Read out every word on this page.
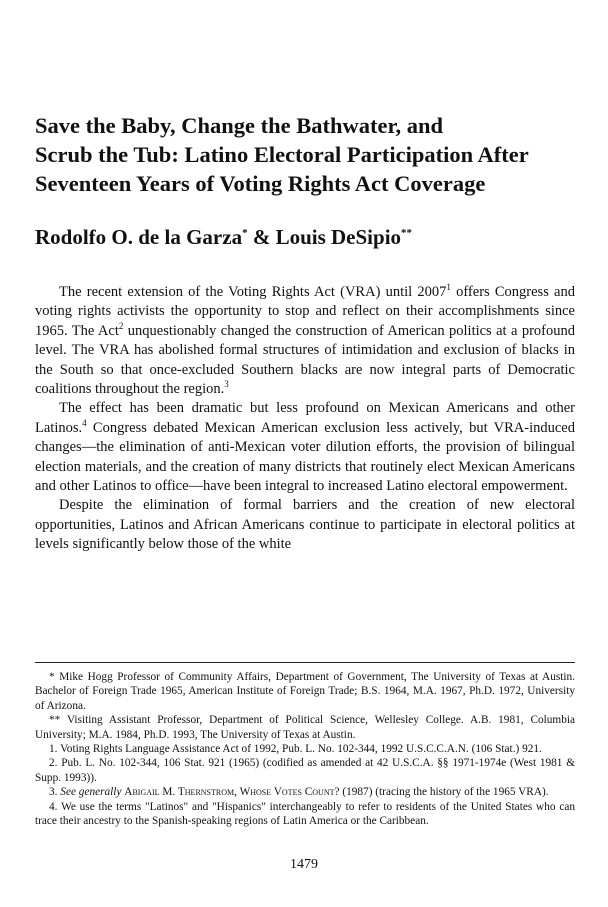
Save the Baby, Change the Bathwater, and
Scrub the Tub: Latino Electoral Participation After
Seventeen Years of Voting Rights Act Coverage
Rodolfo O. de la Garza* & Louis DeSipio**

The recent extension of the Voting Rights Act (VRA) until 2007$^1$ offers Congress and voting rights activists the opportunity to stop and reflect on their accomplishments since 1965. The Act$^2$ unquestionably changed the construction of American politics at a profound level. The VRA has abolished formal structures of intimidation and exclusion of blacks in the South so that once-excluded Southern blacks are now integral parts of Democratic coalitions throughout the region.$^3$

The effect has been dramatic but less profound on Mexican Americans and other Latinos.$^4$ Congress debated Mexican American exclusion less actively, but VRA-induced changes—the elimination of anti-Mexican voter dilution efforts, the provision of bilingual election materials, and the creation of many districts that routinely elect Mexican Americans and other Latinos to office—have been integral to increased Latino electoral empowerment.

Despite the elimination of formal barriers and the creation of new electoral opportunities, Latinos and African Americans continue to participate in electoral politics at levels significantly below those of the white

* Mike Hogg Professor of Community Affairs, Department of Government, The University of Texas at Austin. Bachelor of Foreign Trade 1965, American Institute of Foreign Trade; B.S. 1964, M.A. 1967, Ph.D. 1972, University of Arizona.

** Visiting Assistant Professor, Department of Political Science, Wellesley College. A.B. 1981, Columbia University; M.A. 1984, Ph.D. 1993, The University of Texas at Austin.

1. Voting Rights Language Assistance Act of 1992, Pub. L. No. 102-344, 1992 U.S.C.C.A.N. (106 Stat.) 921.

2. Pub. L. No. 102-344, 106 Stat. 921 (1965) (codified as amended at 42 U.S.C.A. §§ 1971-1974e (West 1981 & Supp. 1993)).

3. See generally Abigail M. Thernstrom, Whose Votes Count? (1987) (tracing the history of the 1965 VRA).

4. We use the terms "Latinos" and "Hispanics" interchangeably to refer to residents of the United States who can trace their ancestry to the Spanish-speaking regions of Latin America or the Caribbean.

1479
